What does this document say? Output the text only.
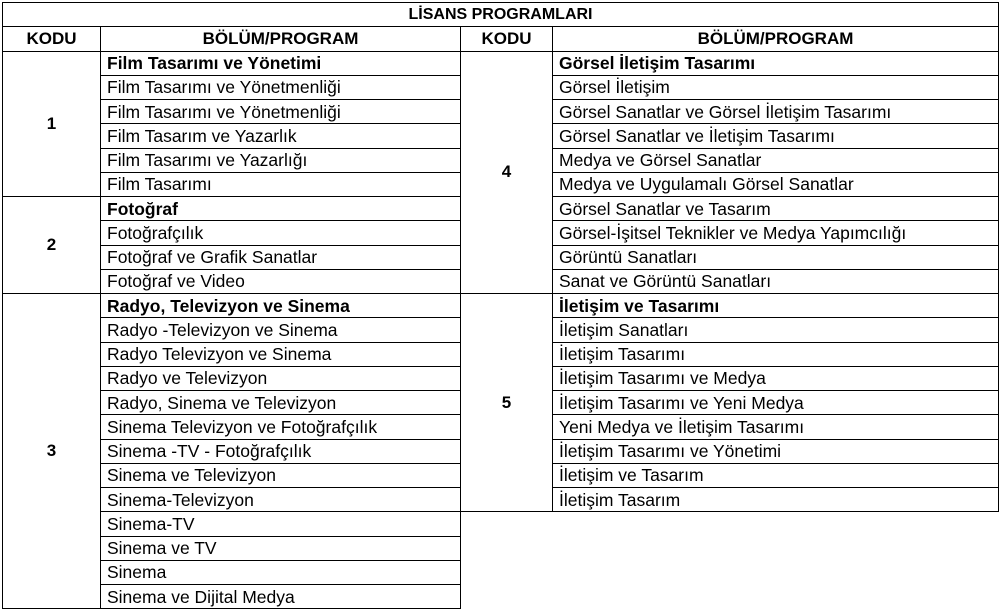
LİSANS PROGRAMLARI			
KODU	BÖLÜM/PROGRAM	KODU	BÖLÜM/PROGRAM
1	Film Tasarımı ve Yönetimi	4	Görsel İletişim Tasarımı
	Film Tasarımı ve Yönetmenliği		Görsel İletişim
	Film Tasarımı ve Yönetmenliği		Görsel Sanatlar ve Görsel İletişim Tasarımı
	Film Tasarım ve Yazarlık		Görsel Sanatlar ve İletişim Tasarımı
	Film Tasarımı ve Yazarlığı		Medya ve Görsel Sanatlar
	Film Tasarımı		Medya ve Uygulamalı Görsel Sanatlar
2	Fotoğraf		Görsel Sanatlar ve Tasarım
	Fotoğrafçılık		Görsel-İşitsel Teknikler ve Medya Yapımcılığı
	Fotoğraf ve Grafik Sanatlar		Görüntü Sanatları
	Fotoğraf ve Video		Sanat ve Görüntü Sanatları
3	Radyo, Televizyon ve Sinema	5	İletişim ve Tasarımı
	Radyo -Televizyon ve Sinema		İletişim Sanatları
	Radyo Televizyon ve Sinema		İletişim Tasarımı
	Radyo ve Televizyon		İletişim Tasarımı ve Medya
	Radyo, Sinema ve Televizyon		İletişim Tasarımı ve Yeni Medya
	Sinema Televizyon ve Fotoğrafçılık		Yeni Medya ve İletişim Tasarımı
	Sinema -TV - Fotoğrafçılık		İletişim Tasarımı ve Yönetimi
	Sinema ve Televizyon		İletişim ve Tasarım
	Sinema-Televizyon		İletişim Tasarım
	Sinema-TV		
	Sinema ve TV		
	Sinema		
	Sinema ve Dijital Medya		
